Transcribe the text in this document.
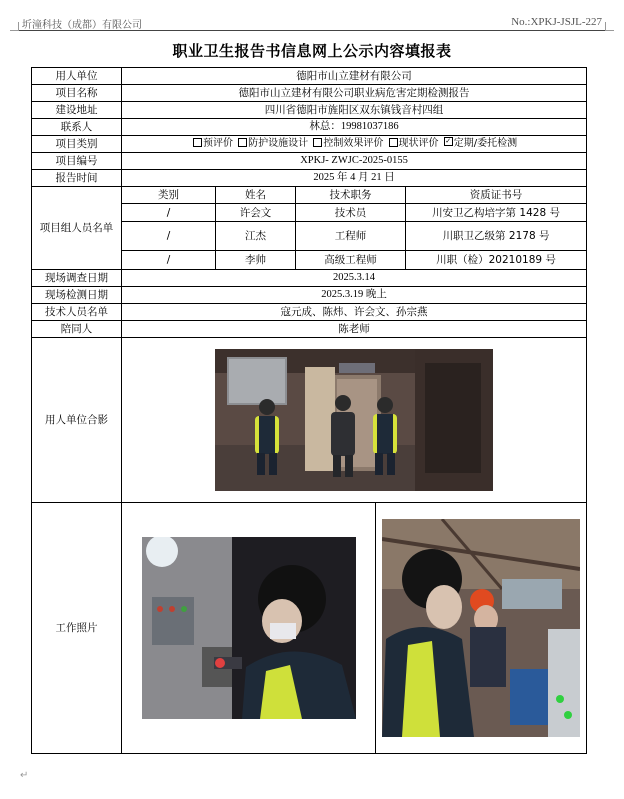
圻潼科技（成都）有限公司	No.:XPKJ-JSJL-227
职业卫生报告书信息网上公示内容填报表
用人单位	德阳市山立建材有限公司				
项目名称	德阳市山立建材有限公司职业病危害定期检测报告				
建设地址	四川省德阳市旌阳区双东镇钱音村四组				
联系人	林总：19981037186				
项目类别	预评价 防护设施设计 控制效果评价 现状评价 ✓ 定期/委托检测
项目编号	XPKJ- ZWJC-2025-0155				
报告时间	2025 年 4 月 21 日				
项目组人员名单	类别	姓名	技术职务		资质证书号
	/	许会文	技术员		川安卫乙构培字第 1428 号
	/	江杰	工程师		川职卫乙级第 2178 号
	/	李帅	高级工程师		川职（检）20210189 号
现场调查日期	2025.3.14				
现场检测日期	2025.3.19 晚上				
技术人员名单	寇元成、陈炜、许会文、孙宗燕				
陪同人	陈老师				
用人单位合影	
工作照片		
↵
